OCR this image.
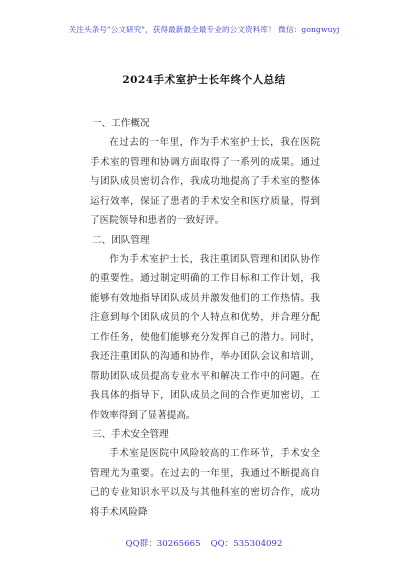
关注头条号"公文研究"，获得最新最全最专业的公文资料库！ 微信：gongwuyj
2024手术室护士长年终个人总结
一、工作概况

在过去的一年里，作为手术室护士长，我在医院手术室的管理和协调方面取得了一系列的成果。通过与团队成员密切合作，我成功地提高了手术室的整体运行效率，保证了患者的手术安全和医疗质量，得到了医院领导和患者的一致好评。

二、团队管理

作为手术室护士长，我注重团队管理和团队协作的重要性。通过制定明确的工作目标和工作计划，我能够有效地指导团队成员并激发他们的工作热情。我注意到每个团队成员的个人特点和优势，并合理分配工作任务，使他们能够充分发挥自己的潜力。同时，我还注重团队的沟通和协作，举办团队会议和培训，帮助团队成员提高专业水平和解决工作中的问题。在我具体的指导下，团队成员之间的合作更加密切，工作效率得到了显著提高。

三、手术安全管理

手术室是医院中风险较高的工作环节，手术安全管理尤为重要。在过去的一年里，我通过不断提高自己的专业知识水平以及与其他科室的密切合作，成功将手术风险降

QQ群：30265665 QQ：535304092
